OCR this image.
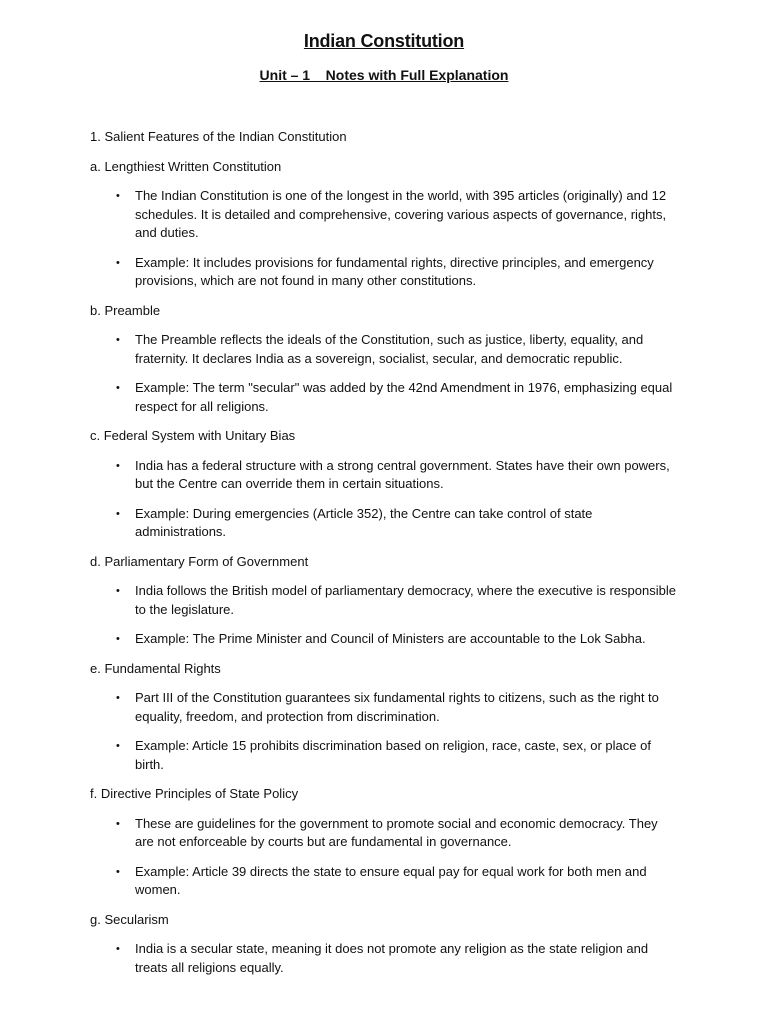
Indian Constitution
Unit – 1    Notes with Full Explanation
1. Salient Features of the Indian Constitution
a. Lengthiest Written Constitution
• The Indian Constitution is one of the longest in the world, with 395 articles (originally) and 12 schedules. It is detailed and comprehensive, covering various aspects of governance, rights, and duties.
• Example: It includes provisions for fundamental rights, directive principles, and emergency provisions, which are not found in many other constitutions.
b. Preamble
• The Preamble reflects the ideals of the Constitution, such as justice, liberty, equality, and fraternity. It declares India as a sovereign, socialist, secular, and democratic republic.
• Example: The term "secular" was added by the 42nd Amendment in 1976, emphasizing equal respect for all religions.
c. Federal System with Unitary Bias
• India has a federal structure with a strong central government. States have their own powers, but the Centre can override them in certain situations.
• Example: During emergencies (Article 352), the Centre can take control of state administrations.
d. Parliamentary Form of Government
• India follows the British model of parliamentary democracy, where the executive is responsible to the legislature.
• Example: The Prime Minister and Council of Ministers are accountable to the Lok Sabha.
e. Fundamental Rights
• Part III of the Constitution guarantees six fundamental rights to citizens, such as the right to equality, freedom, and protection from discrimination.
• Example: Article 15 prohibits discrimination based on religion, race, caste, sex, or place of birth.
f. Directive Principles of State Policy
• These are guidelines for the government to promote social and economic democracy. They are not enforceable by courts but are fundamental in governance.
• Example: Article 39 directs the state to ensure equal pay for equal work for both men and women.
g. Secularism
• India is a secular state, meaning it does not promote any religion as the state religion and treats all religions equally.
